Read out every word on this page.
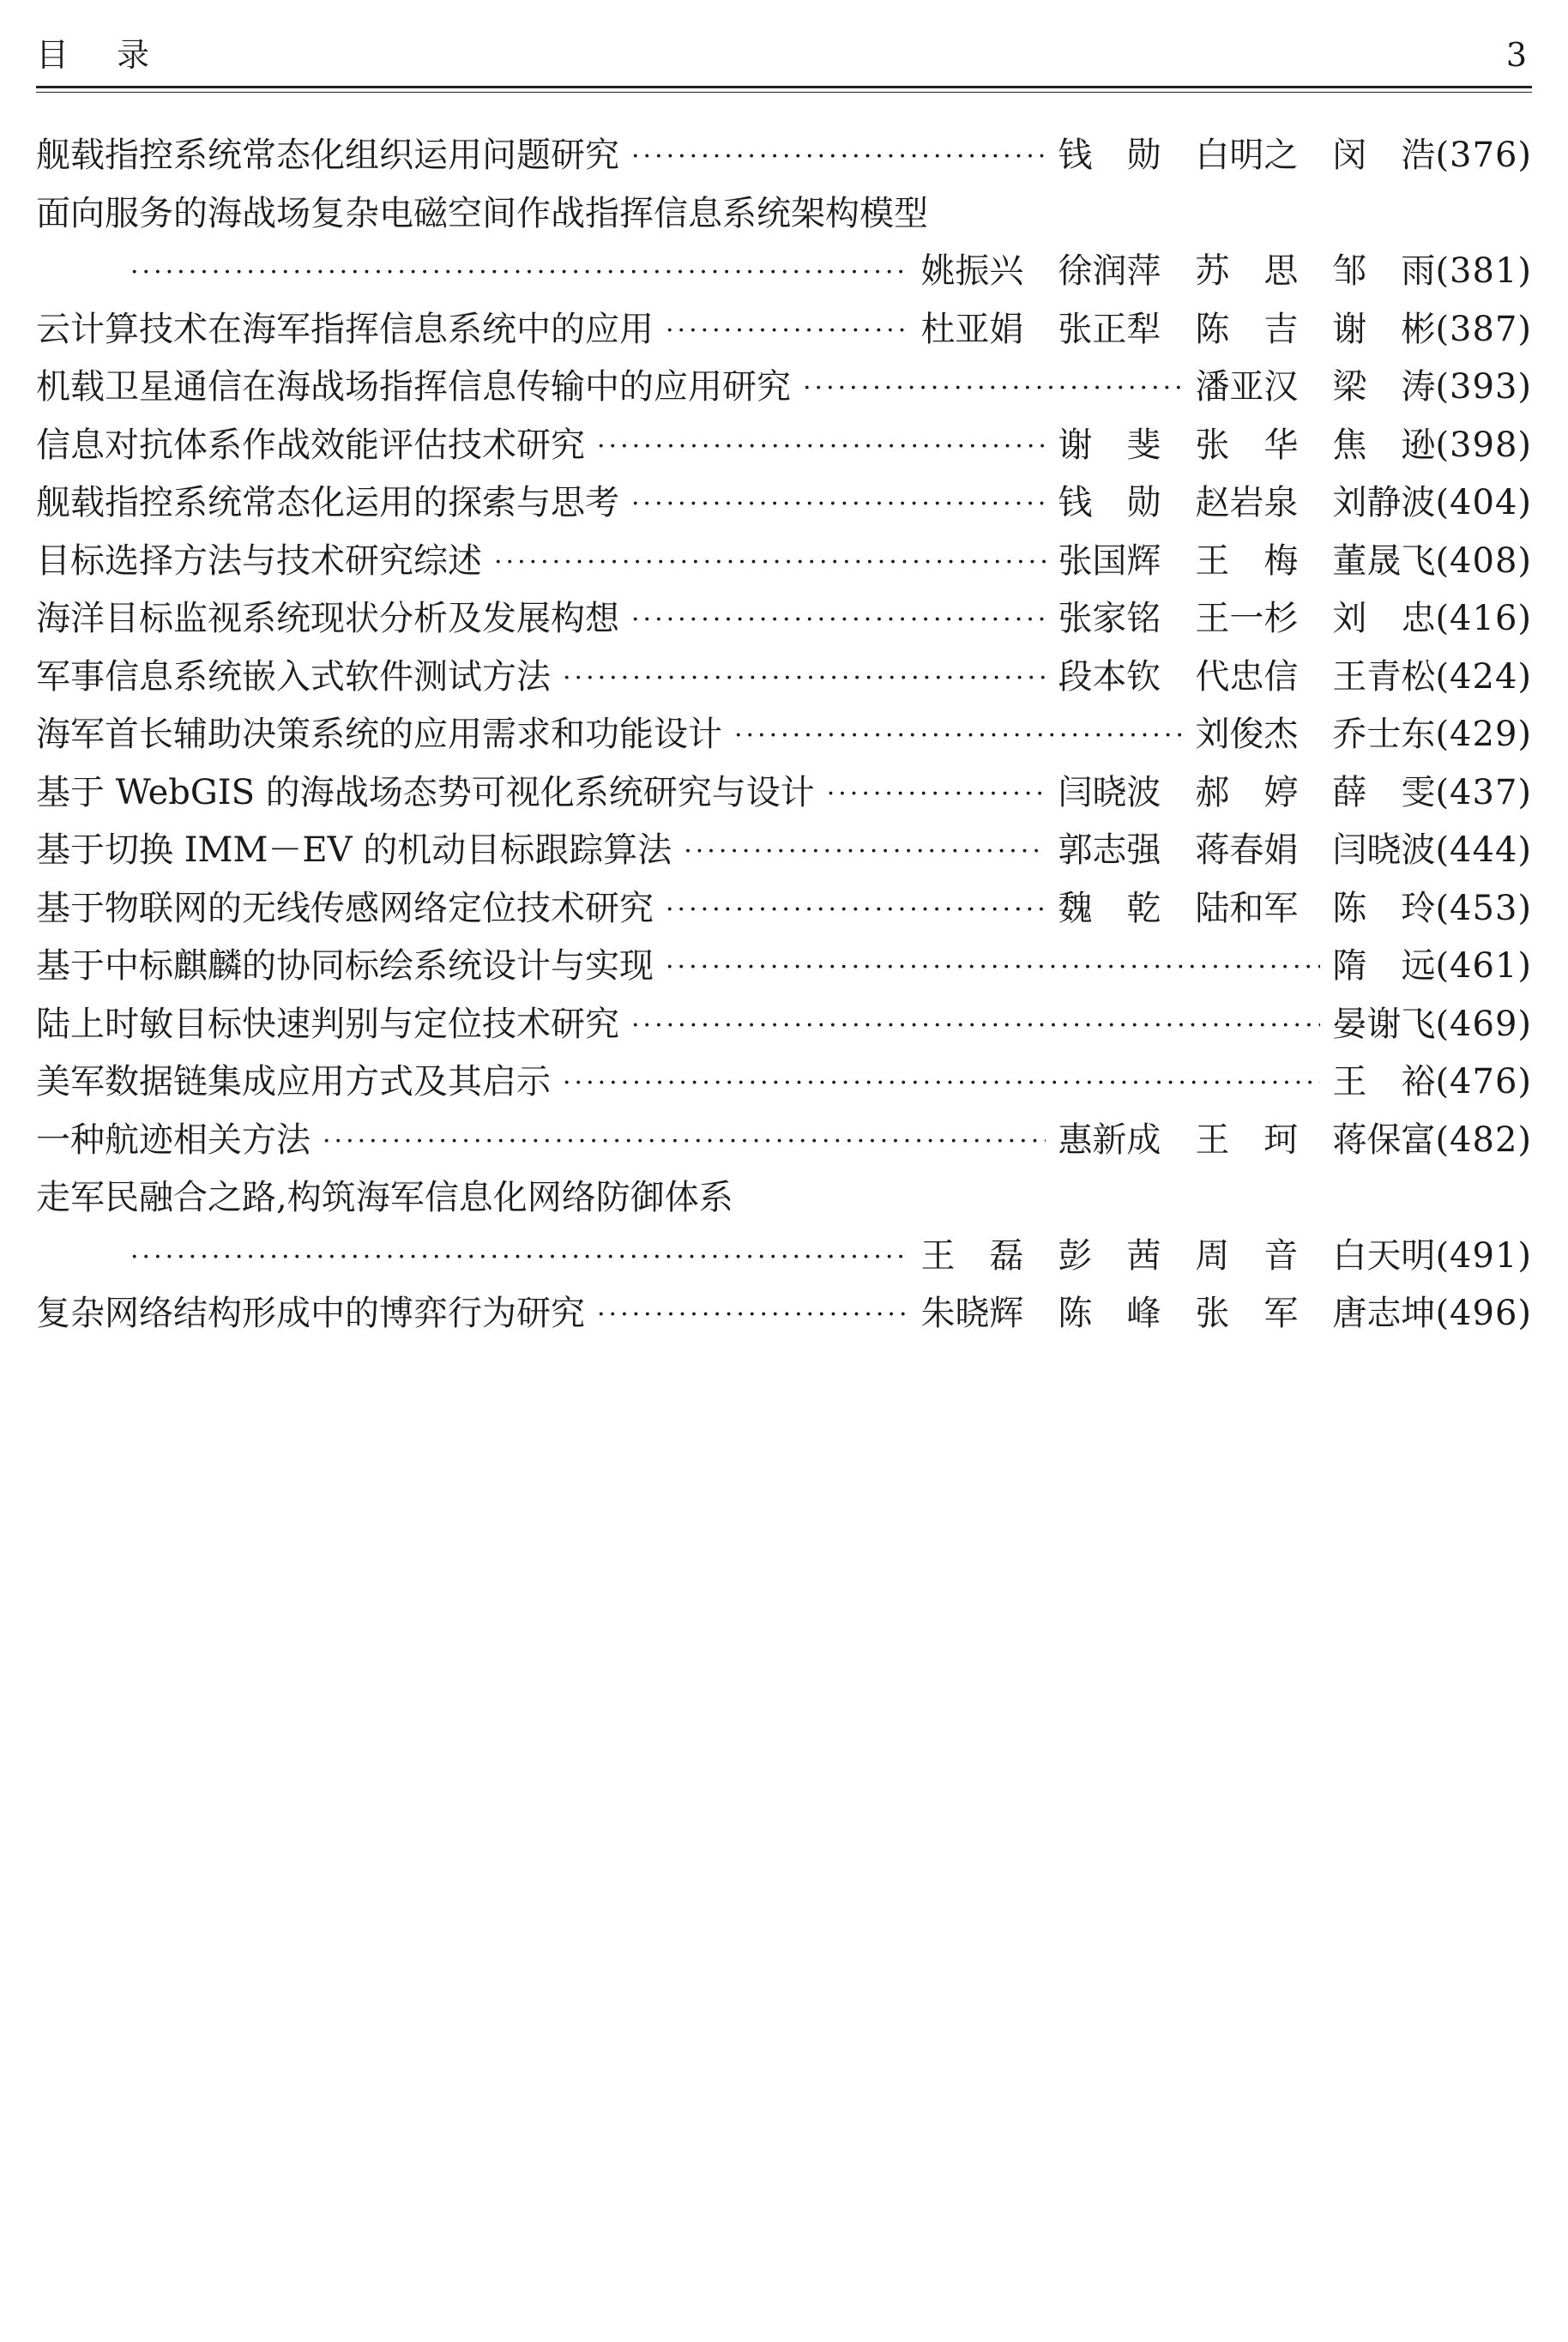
目 录	3
舰载指控系统常态化组织运用问题研究 ·····	钱　勋　白明之　闵　浩 (376)
面向服务的海战场复杂电磁空间作战指挥信息系统架构模型
·····
姚振兴　徐润萍　苏　思　邹　雨 (381)
云计算技术在海军指挥信息系统中的应用 ·····	杜亚娟　张正犁　陈　吉　谢　彬 (387)
机载卫星通信在海战场指挥信息传输中的应用研究 ·····	潘亚汉　梁　涛 (393)
信息对抗体系作战效能评估技术研究 ·····	谢　斐　张　华　焦　逊 (398)
舰载指控系统常态化运用的探索与思考 ·····	钱　勋　赵岩泉　刘静波 (404)
目标选择方法与技术研究综述 ·····	张国辉　王　梅　董晟飞 (408)
海洋目标监视系统现状分析及发展构想 ·····	张家铭　王一杉　刘　忠 (416)
军事信息系统嵌入式软件测试方法 ·····	段本钦　代忠信　王青松 (424)
海军首长辅助决策系统的应用需求和功能设计 ·····	刘俊杰　乔士东 (429)
基于 WebGIS 的海战场态势可视化系统研究与设计 ·····	闫晓波　郝　婷　薛　雯 (437)
基于切换 IMM－EV 的机动目标跟踪算法 ·····	郭志强　蒋春娟　闫晓波 (444)
基于物联网的无线传感网络定位技术研究 ·····	魏　乾　陆和军　陈　玲 (453)
基于中标麒麟的协同标绘系统设计与实现 ·····	隋　远 (461)
陆上时敏目标快速判别与定位技术研究 ·····	晏谢飞 (469)
美军数据链集成应用方式及其启示 ·····	王　裕 (476)
一种航迹相关方法 ·····	惠新成　王　珂　蒋保富 (482)
走军民融合之路,构筑海军信息化网络防御体系
·····
王　磊　彭　茜　周　音　白天明 (491)
复杂网络结构形成中的博弈行为研究 ·····	朱晓辉　陈　峰　张　军　唐志坤 (496)
